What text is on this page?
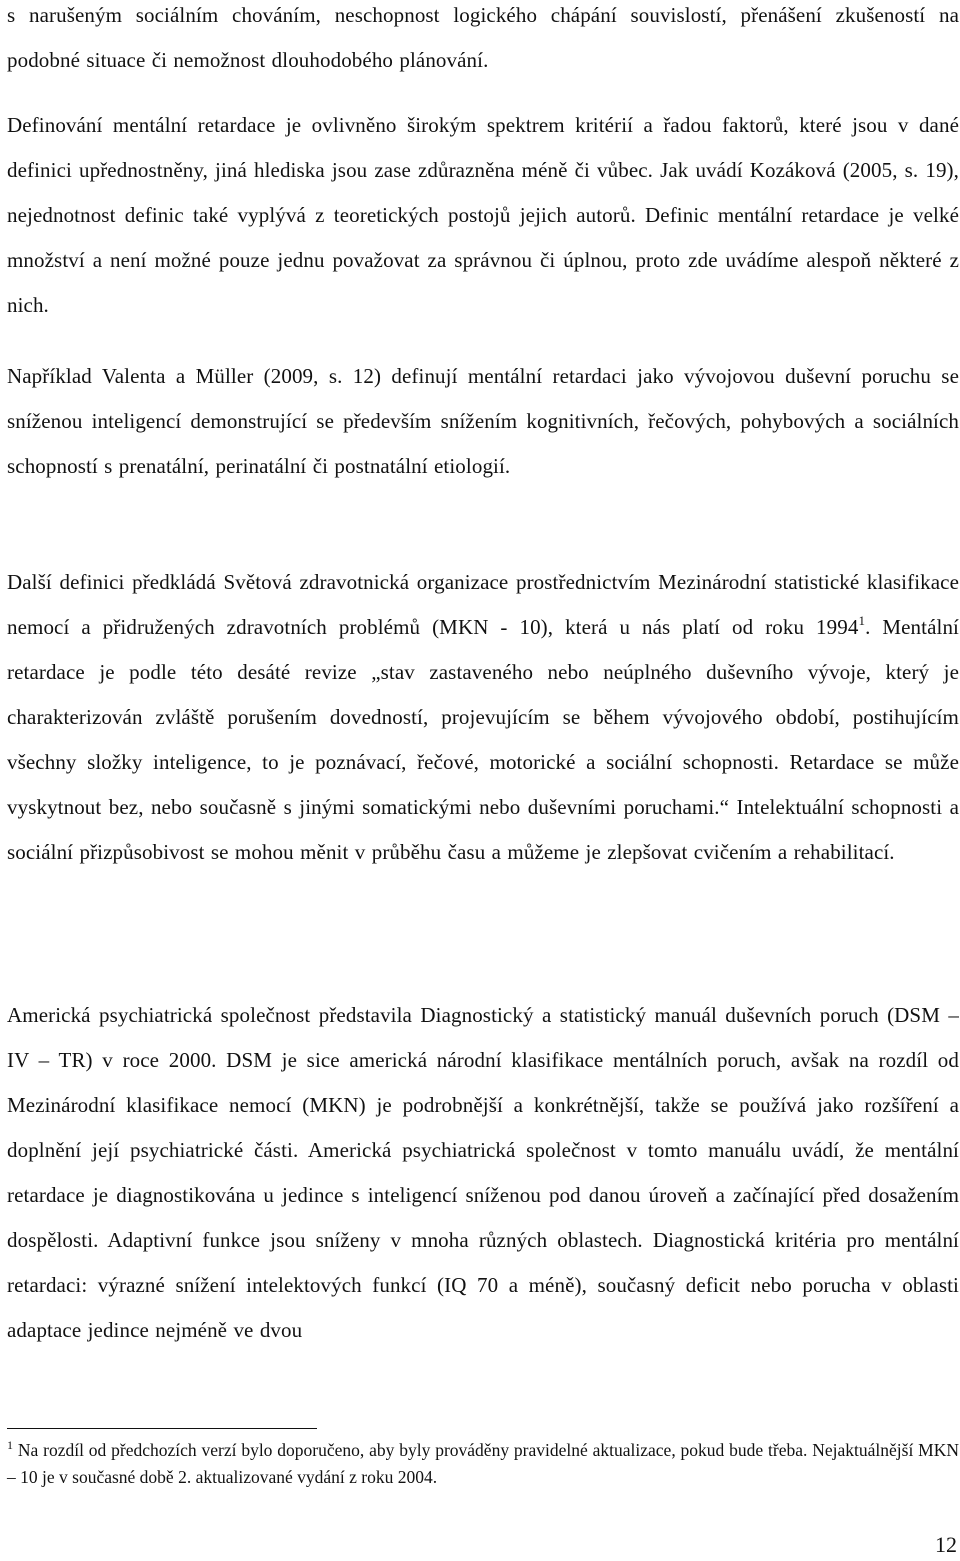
s narušeným sociálním chováním, neschopnost logického chápání souvislostí, přenášení zkušeností na podobné situace či nemožnost dlouhodobého plánování.

Definování mentální retardace je ovlivněno širokým spektrem kritérií a řadou faktorů, které jsou v dané definici upřednostněny, jiná hlediska jsou zase zdůrazněna méně či vůbec. Jak uvádí Kozáková (2005, s. 19), nejednotnost definic také vyplývá z teoretických postojů jejich autorů. Definic mentální retardace je velké množství a není možné pouze jednu považovat za správnou či úplnou, proto zde uvádíme alespoň některé z nich.

Například Valenta a Müller (2009, s. 12) definují mentální retardaci jako vývojovou duševní poruchu se sníženou inteligencí demonstrující se především snížením kognitivních, řečových, pohybových a sociálních schopností s prenatální, perinatální či postnatální etiologií.

Další definici předkládá Světová zdravotnická organizace prostřednictvím Mezinárodní statistické klasifikace nemocí a přidružených zdravotních problémů (MKN - 10), která u nás platí od roku 1994$^1$. Mentální retardace je podle této desáté revize „stav zastaveného nebo neúplného duševního vývoje, který je charakterizován zvláště porušením dovedností, projevujícím se během vývojového období, postihujícím všechny složky inteligence, to je poznávací, řečové, motorické a sociální schopnosti. Retardace se může vyskytnout bez, nebo současně s jinými somatickými nebo duševními poruchami.“ Intelektuální schopnosti a sociální přizpůsobivost se mohou měnit v průběhu času a můžeme je zlepšovat cvičením a rehabilitací.

Americká psychiatrická společnost představila Diagnostický a statistický manuál duševních poruch (DSM – IV – TR) v roce 2000. DSM je sice americká národní klasifikace mentálních poruch, avšak na rozdíl od Mezinárodní klasifikace nemocí (MKN) je podrobnější a konkrétnější, takže se používá jako rozšíření a doplnění její psychiatrické části. Americká psychiatrická společnost v tomto manuálu uvádí, že mentální retardace je diagnostikována u jedince s inteligencí sníženou pod danou úroveň a začínající před dosažením dospělosti. Adaptivní funkce jsou sníženy v mnoha různých oblastech. Diagnostická kritéria pro mentální retardaci: výrazné snížení intelektových funkcí (IQ 70 a méně), současný deficit nebo porucha v oblasti adaptace jedince nejméně ve dvou

$^1$ Na rozdíl od předchozích verzí bylo doporučeno, aby byly prováděny pravidelné aktualizace, pokud bude třeba. Nejaktuálnější MKN – 10 je v současné době 2. aktualizované vydání z roku 2004.

12
